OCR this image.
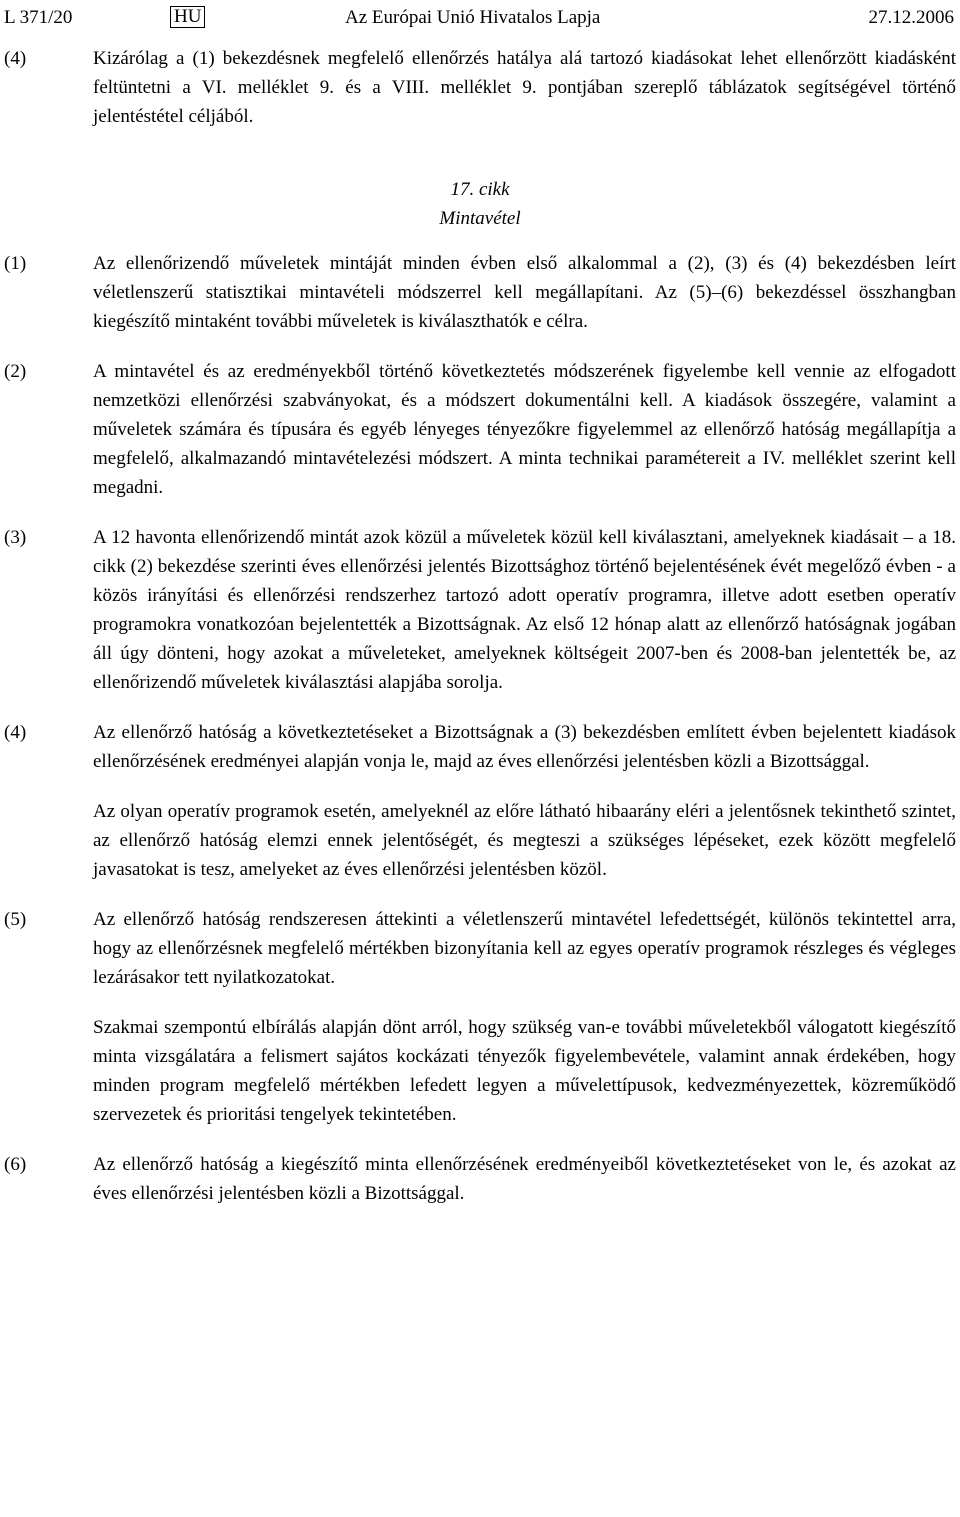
L 371/20	HU	Az Európai Unió Hivatalos Lapja	27.12.2006

(4)	Kizárólag a (1) bekezdésnek megfelelő ellenőrzés hatálya alá tartozó kiadásokat lehet ellenőrzött kiadásként feltüntetni a VI. melléklet 9. és a VIII. melléklet 9. pontjában szereplő táblázatok segítségével történő jelentéstétel céljából.

17. cikk

Mintavétel

(1)	Az ellenőrizendő műveletek mintáját minden évben első alkalommal a (2), (3) és (4) bekezdésben leírt véletlenszerű statisztikai mintavételi módszerrel kell megállapítani. Az (5)–(6) bekezdéssel összhangban kiegészítő mintaként további műveletek is kiválaszthatók e célra.

(2)	A mintavétel és az eredményekből történő következtetés módszerének figyelembe kell vennie az elfogadott nemzetközi ellenőrzési szabványokat, és a módszert dokumentálni kell. A kiadások összegére, valamint a műveletek számára és típusára és egyéb lényeges tényezőkre figyelemmel az ellenőrző hatóság megállapítja a megfelelő, alkalmazandó mintavételezési módszert. A minta technikai paramétereit a IV. melléklet szerint kell megadni.

(3)	A 12 havonta ellenőrizendő mintát azok közül a műveletek közül kell kiválasztani, amelyeknek kiadásait – a 18. cikk (2) bekezdése szerinti éves ellenőrzési jelentés Bizottsághoz történő bejelentésének évét megelőző évben - a közös irányítási és ellenőrzési rendszerhez tartozó adott operatív programra, illetve adott esetben operatív programokra vonatkozóan bejelentették a Bizottságnak. Az első 12 hónap alatt az ellenőrző hatóságnak jogában áll úgy dönteni, hogy azokat a műveleteket, amelyeknek költségeit 2007-ben és 2008-ban jelentették be, az ellenőrizendő műveletek kiválasztási alapjába sorolja.

(4)	Az ellenőrző hatóság a következtetéseket a Bizottságnak a (3) bekezdésben említett évben bejelentett kiadások ellenőrzésének eredményei alapján vonja le, majd az éves ellenőrzési jelentésben közli a Bizottsággal.

Az olyan operatív programok esetén, amelyeknél az előre látható hibaarány eléri a jelentősnek tekinthető szintet, az ellenőrző hatóság elemzi ennek jelentőségét, és megteszi a szükséges lépéseket, ezek között megfelelő javasatokat is tesz, amelyeket az éves ellenőrzési jelentésben közöl.

(5)	Az ellenőrző hatóság rendszeresen áttekinti a véletlenszerű mintavétel lefedettségét, különös tekintettel arra, hogy az ellenőrzésnek megfelelő mértékben bizonyítania kell az egyes operatív programok részleges és végleges lezárásakor tett nyilatkozatokat.

Szakmai szempontú elbírálás alapján dönt arról, hogy szükség van-e további műveletekből válogatott kiegészítő minta vizsgálatára a felismert sajátos kockázati tényezők figyelembevétele, valamint annak érdekében, hogy minden program megfelelő mértékben lefedett legyen a művelettípusok, kedvezményezettek, közreműködő szervezetek és prioritási tengelyek tekintetében.

(6)	Az ellenőrző hatóság a kiegészítő minta ellenőrzésének eredményeiből következtetéseket von le, és azokat az éves ellenőrzési jelentésben közli a Bizottsággal.
